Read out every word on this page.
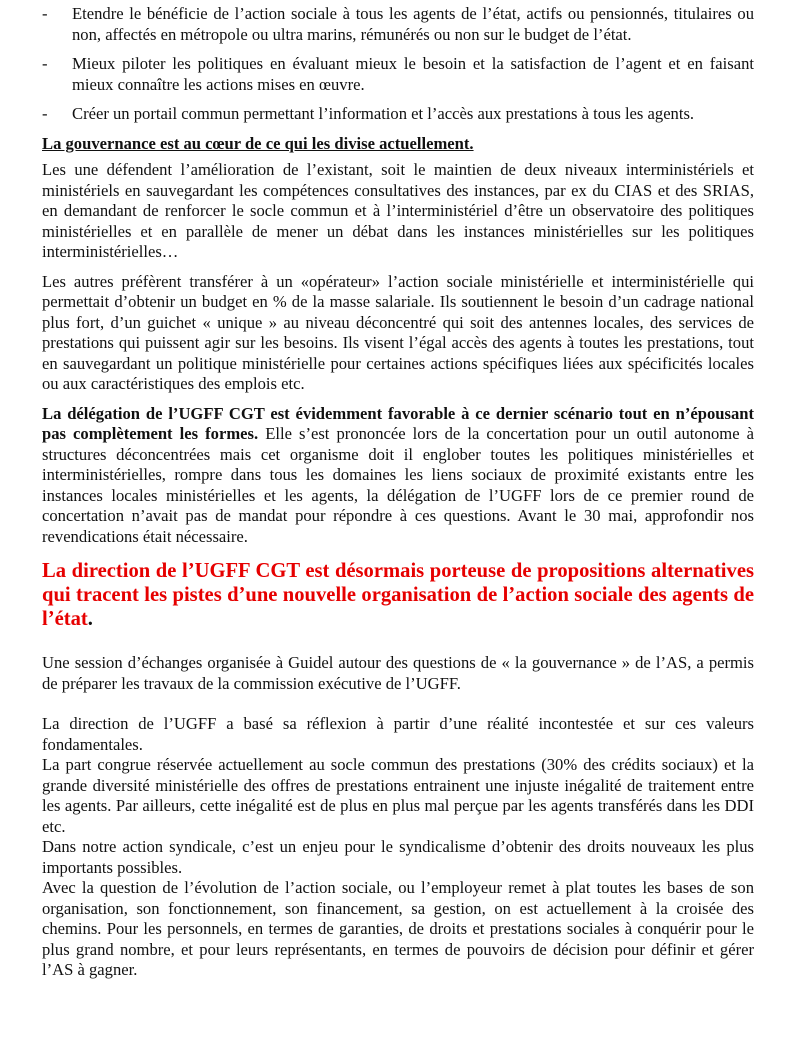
- Etendre le bénéficie de l’action sociale à tous les agents de l’état, actifs ou pensionnés, titulaires ou non, affectés en métropole ou ultra marins, rémunérés ou non sur le budget de l’état.
- Mieux piloter les politiques en évaluant mieux le besoin et la satisfaction de l’agent et en faisant mieux connaître les actions mises en œuvre.
- Créer un portail commun permettant l’information et l’accès aux prestations à tous les agents.

La gouvernance est au cœur de ce qui les divise actuellement.

Les une défendent l’amélioration de l’existant, soit le maintien de deux niveaux interministériels et ministériels en sauvegardant les compétences consultatives des instances, par ex du CIAS et des SRIAS, en demandant de renforcer le socle commun et à l’interministériel d’être un observatoire des politiques ministérielles et en parallèle de mener un débat dans les instances ministérielles sur les politiques interministérielles…

Les autres préfèrent transférer à un «opérateur» l’action sociale ministérielle et interministérielle qui permettait d’obtenir un budget en % de la masse salariale. Ils soutiennent le besoin d’un cadrage national plus fort, d’un guichet « unique » au niveau déconcentré qui soit des antennes locales, des services de prestations qui puissent agir sur les besoins. Ils visent l’égal accès des agents à toutes les prestations, tout en sauvegardant un politique ministérielle pour certaines actions spécifiques liées aux spécificités locales ou aux caractéristiques des emplois etc.

La délégation de l’UGFF CGT est évidemment favorable à ce dernier scénario tout en n’épousant pas complètement les formes. Elle s’est prononcée lors de la concertation pour un outil autonome à structures déconcentrées mais cet organisme doit il englober toutes les politiques ministérielles et interministérielles, rompre dans tous les domaines les liens sociaux de proximité existants entre les instances locales ministérielles et les agents, la délégation de l’UGFF lors de ce premier round de concertation n’avait pas de mandat pour répondre à ces questions. Avant le 30 mai, approfondir nos revendications était nécessaire.

La direction de l’UGFF CGT est désormais porteuse de propositions alternatives qui tracent les pistes d’une nouvelle organisation de l’action sociale des agents de l’état.

Une session d’échanges organisée à Guidel autour des questions de « la gouvernance » de l’AS, a permis de préparer les travaux de la commission exécutive de l’UGFF.

La direction de l’UGFF a basé sa réflexion à partir d’une réalité incontestée et sur ces valeurs fondamentales.

La part congrue réservée actuellement au socle commun des prestations (30% des crédits sociaux) et la grande diversité ministérielle des offres de prestations entrainent une injuste inégalité de traitement entre les agents. Par ailleurs, cette inégalité est de plus en plus mal perçue par les agents transférés dans les DDI etc.

Dans notre action syndicale, c’est un enjeu pour le syndicalisme d’obtenir des droits nouveaux les plus importants possibles.

Avec la question de l’évolution de l’action sociale, ou l’employeur remet à plat toutes les bases de son organisation, son fonctionnement, son financement, sa gestion, on est actuellement à la croisée des chemins. Pour les personnels, en termes de garanties, de droits et prestations sociales à conquérir pour le plus grand nombre, et pour leurs représentants, en termes de pouvoirs de décision pour définir et gérer l’AS à gagner.
